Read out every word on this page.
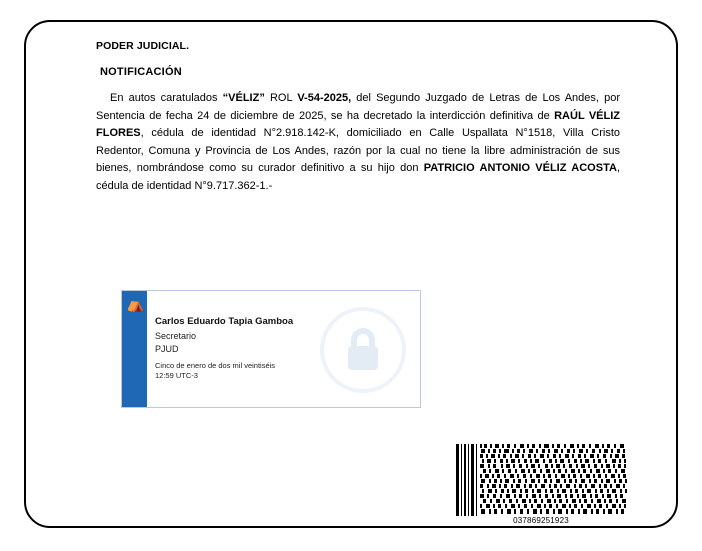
PODER JUDICIAL.
NOTIFICACIÓN

En autos caratulados “VÉLIZ” ROL V-54-2025, del Segundo Juzgado de Letras de Los Andes, por Sentencia de fecha 24 de diciembre de 2025, se ha decretado la interdicción definitiva de RAÚL VÉLIZ FLORES, cédula de identidad N°2.918.142-K, domiciliado en Calle Uspallata N°1518, Villa Cristo Redentor, Comuna y Provincia de Los Andes, razón por la cual no tiene la libre administración de sus bienes, nombrándose como su curador definitivo a su hijo don PATRICIO ANTONIO VÉLIZ ACOSTA, cédula de identidad N°9.717.362-1.-

⛺
Carlos Eduardo Tapia Gamboa
Secretario
PJUD
Cinco de enero de dos mil veintiséis
12:59 UTC-3
037869251923
